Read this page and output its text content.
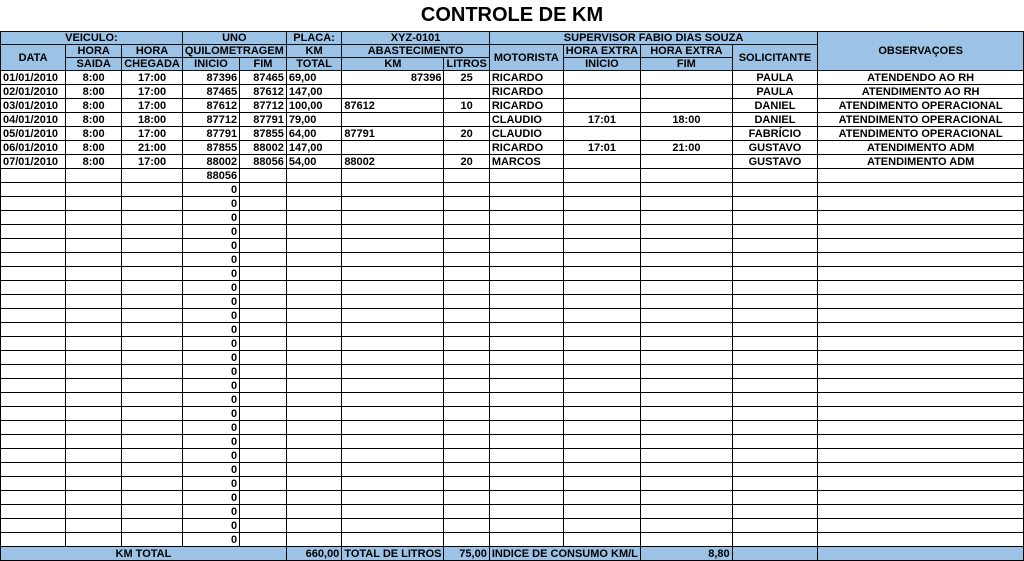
CONTROLE DE KM
VEICULO:			UNO		PLACA:	XYZ-0101		SUPERVISOR FABIO DIAS SOUZA				OBSERVAÇOES
DATA	HORA	HORA	QUILOMETRAGEM		KM	ABASTECIMENTO		MOTORISTA	HORA EXTRA	HORA EXTRA	SOLICITANTE	
	SAIDA	CHEGADA	INICIO	FIM	TOTAL	KM	LITROS		INÍCIO	FIM		
01/01/2010	8:00	17:00	87396	87465	69,00	87396	25	RICARDO			PAULA	ATENDENDO AO RH
02/01/2010	8:00	17:00	87465	87612	147,00			RICARDO			PAULA	ATENDIMENTO AO RH
03/01/2010	8:00	17:00	87612	87712	100,00	87612	10	RICARDO			DANIEL	ATENDIMENTO OPERACIONAL
04/01/2010	8:00	18:00	87712	87791	79,00			CLAUDIO	17:01	18:00	DANIEL	ATENDIMENTO OPERACIONAL
05/01/2010	8:00	17:00	87791	87855	64,00	87791	20	CLAUDIO			FABRÍCIO	ATENDIMENTO OPERACIONAL
06/01/2010	8:00	21:00	87855	88002	147,00			RICARDO	17:01	21:00	GUSTAVO	ATENDIMENTO ADM
07/01/2010	8:00	17:00	88002	88056	54,00	88002	20	MARCOS			GUSTAVO	ATENDIMENTO ADM
			88056									
			0									
			0									
			0									
			0									
			0									
			0									
			0									
			0									
			0									
			0									
			0									
			0									
			0									
			0									
			0									
			0									
			0									
			0									
			0									
			0									
			0									
			0									
			0									
			0									
			0									
			0									
KM TOTAL					660,00	TOTAL DE LITROS	75,00	INDICE DE CONSUMO KM/L		8,80		
